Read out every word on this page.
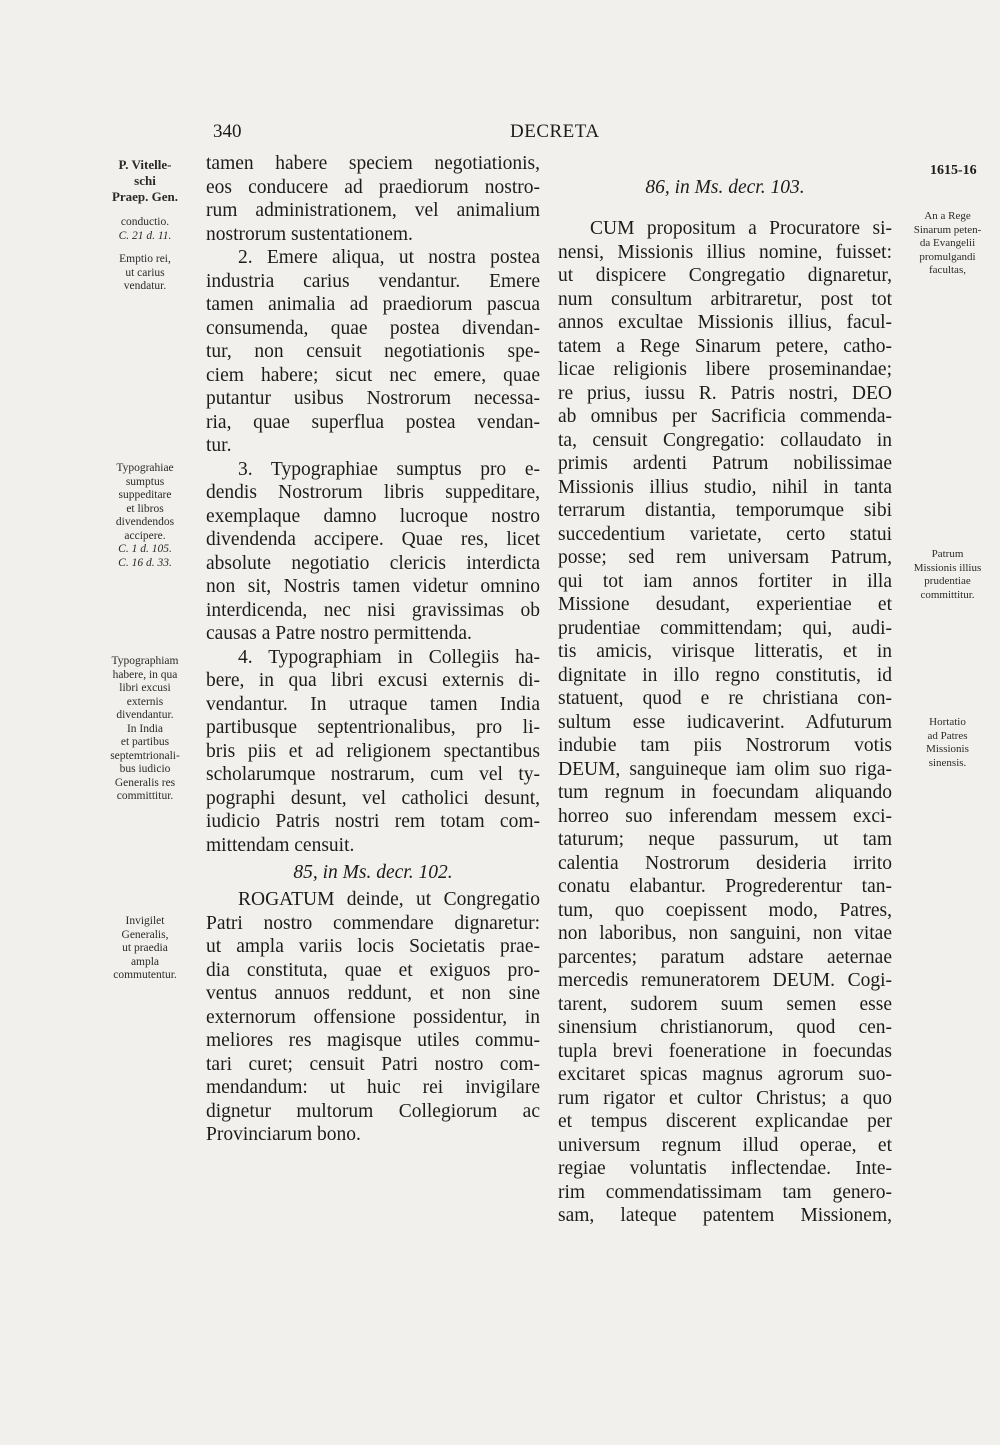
340	DECRETA
1615-16
P. Vitelle-
schi
Praep. Gen.
conductio.
C. 21 d. 11.
Emptio rei,
ut carius
vendatur.
Typograhiae
sumptus
suppeditare
et libros
divendendos
accipere.
C. 1 d. 105.
C. 16 d. 33.
Typographiam
habere, in qua
libri excusi
externis
divendantur.
In India
et partibus
septemtrionali-
bus iudicio
Generalis res
committitur.
Invigilet
Generalis,
ut praedia
ampla
commutentur.
An a Rege
Sinarum peten-
da Evangelii
promulgandi
facultas,
Patrum
Missionis illius
prudentiae
committitur.
Hortatio
ad Patres
Missionis
sinensis.
tamen habere speciem negotiationis,
eos conducere ad praediorum nostro-
rum administrationem, vel animalium
nostrorum sustentationem.
2. Emere aliqua, ut nostra postea
industria carius vendantur. Emere
tamen animalia ad praediorum pascua
consumenda, quae postea divendan-
tur, non censuit negotiationis spe-
ciem habere; sicut nec emere, quae
putantur usibus Nostrorum necessa-
ria, quae superflua postea vendan-
tur.
3. Typographiae sumptus pro e-
dendis Nostrorum libris suppeditare,
exemplaque damno lucroque nostro
divendenda accipere. Quae res, licet
absolute negotiatio clericis interdicta
non sit, Nostris tamen videtur omnino
interdicenda, nec nisi gravissimas ob
causas a Patre nostro permittenda.
4. Typographiam in Collegiis ha-
bere, in qua libri excusi externis di-
vendantur. In utraque tamen India
partibusque septentrionalibus, pro li-
bris piis et ad religionem spectantibus
scholarumque nostrarum, cum vel ty-
pographi desunt, vel catholici desunt,
iudicio Patris nostri rem totam com-
mittendam censuit.
85, in Ms. decr. 102.
ROGATUM deinde, ut Congregatio
Patri nostro commendare dignaretur:
ut ampla variis locis Societatis prae-
dia constituta, quae et exiguos pro-
ventus annuos reddunt, et non sine
externorum offensione possidentur, in
meliores res magisque utiles commu-
tari curet; censuit Patri nostro com-
mendandum: ut huic rei invigilare
dignetur multorum Collegiorum ac
Provinciarum bono.
86, in Ms. decr. 103.
CUM propositum a Procuratore si-
nensi, Missionis illius nomine, fuisset:
ut dispicere Congregatio dignaretur,
num consultum arbitraretur, post tot
annos excultae Missionis illius, facul-
tatem a Rege Sinarum petere, catho-
licae religionis libere proseminandae;
re prius, iussu R. Patris nostri, DEO
ab omnibus per Sacrificia commenda-
ta, censuit Congregatio: collaudato in
primis ardenti Patrum nobilissimae
Missionis illius studio, nihil in tanta
terrarum distantia, temporumque sibi
succedentium varietate, certo statui
posse; sed rem universam Patrum,
qui tot iam annos fortiter in illa
Missione desudant, experientiae et
prudentiae committendam; qui, audi-
tis amicis, virisque litteratis, et in
dignitate in illo regno constitutis, id
statuent, quod e re christiana con-
sultum esse iudicaverint. Adfuturum
indubie tam piis Nostrorum votis
DEUM, sanguineque iam olim suo riga-
tum regnum in foecundam aliquando
horreo suo inferendam messem exci-
taturum; neque passurum, ut tam
calentia Nostrorum desideria irrito
conatu elabantur. Progrederentur tan-
tum, quo coepissent modo, Patres,
non laboribus, non sanguini, non vitae
parcentes; paratum adstare aeternae
mercedis remuneratorem DEUM. Cogi-
tarent, sudorem suum semen esse
sinensium christianorum, quod cen-
tupla brevi foeneratione in foecundas
excitaret spicas magnus agrorum suo-
rum rigator et cultor Christus; a quo
et tempus discerent explicandae per
universum regnum illud operae, et
regiae voluntatis inflectendae. Inte-
rim commendatissimam tam genero-
sam, lateque patentem Missionem,
